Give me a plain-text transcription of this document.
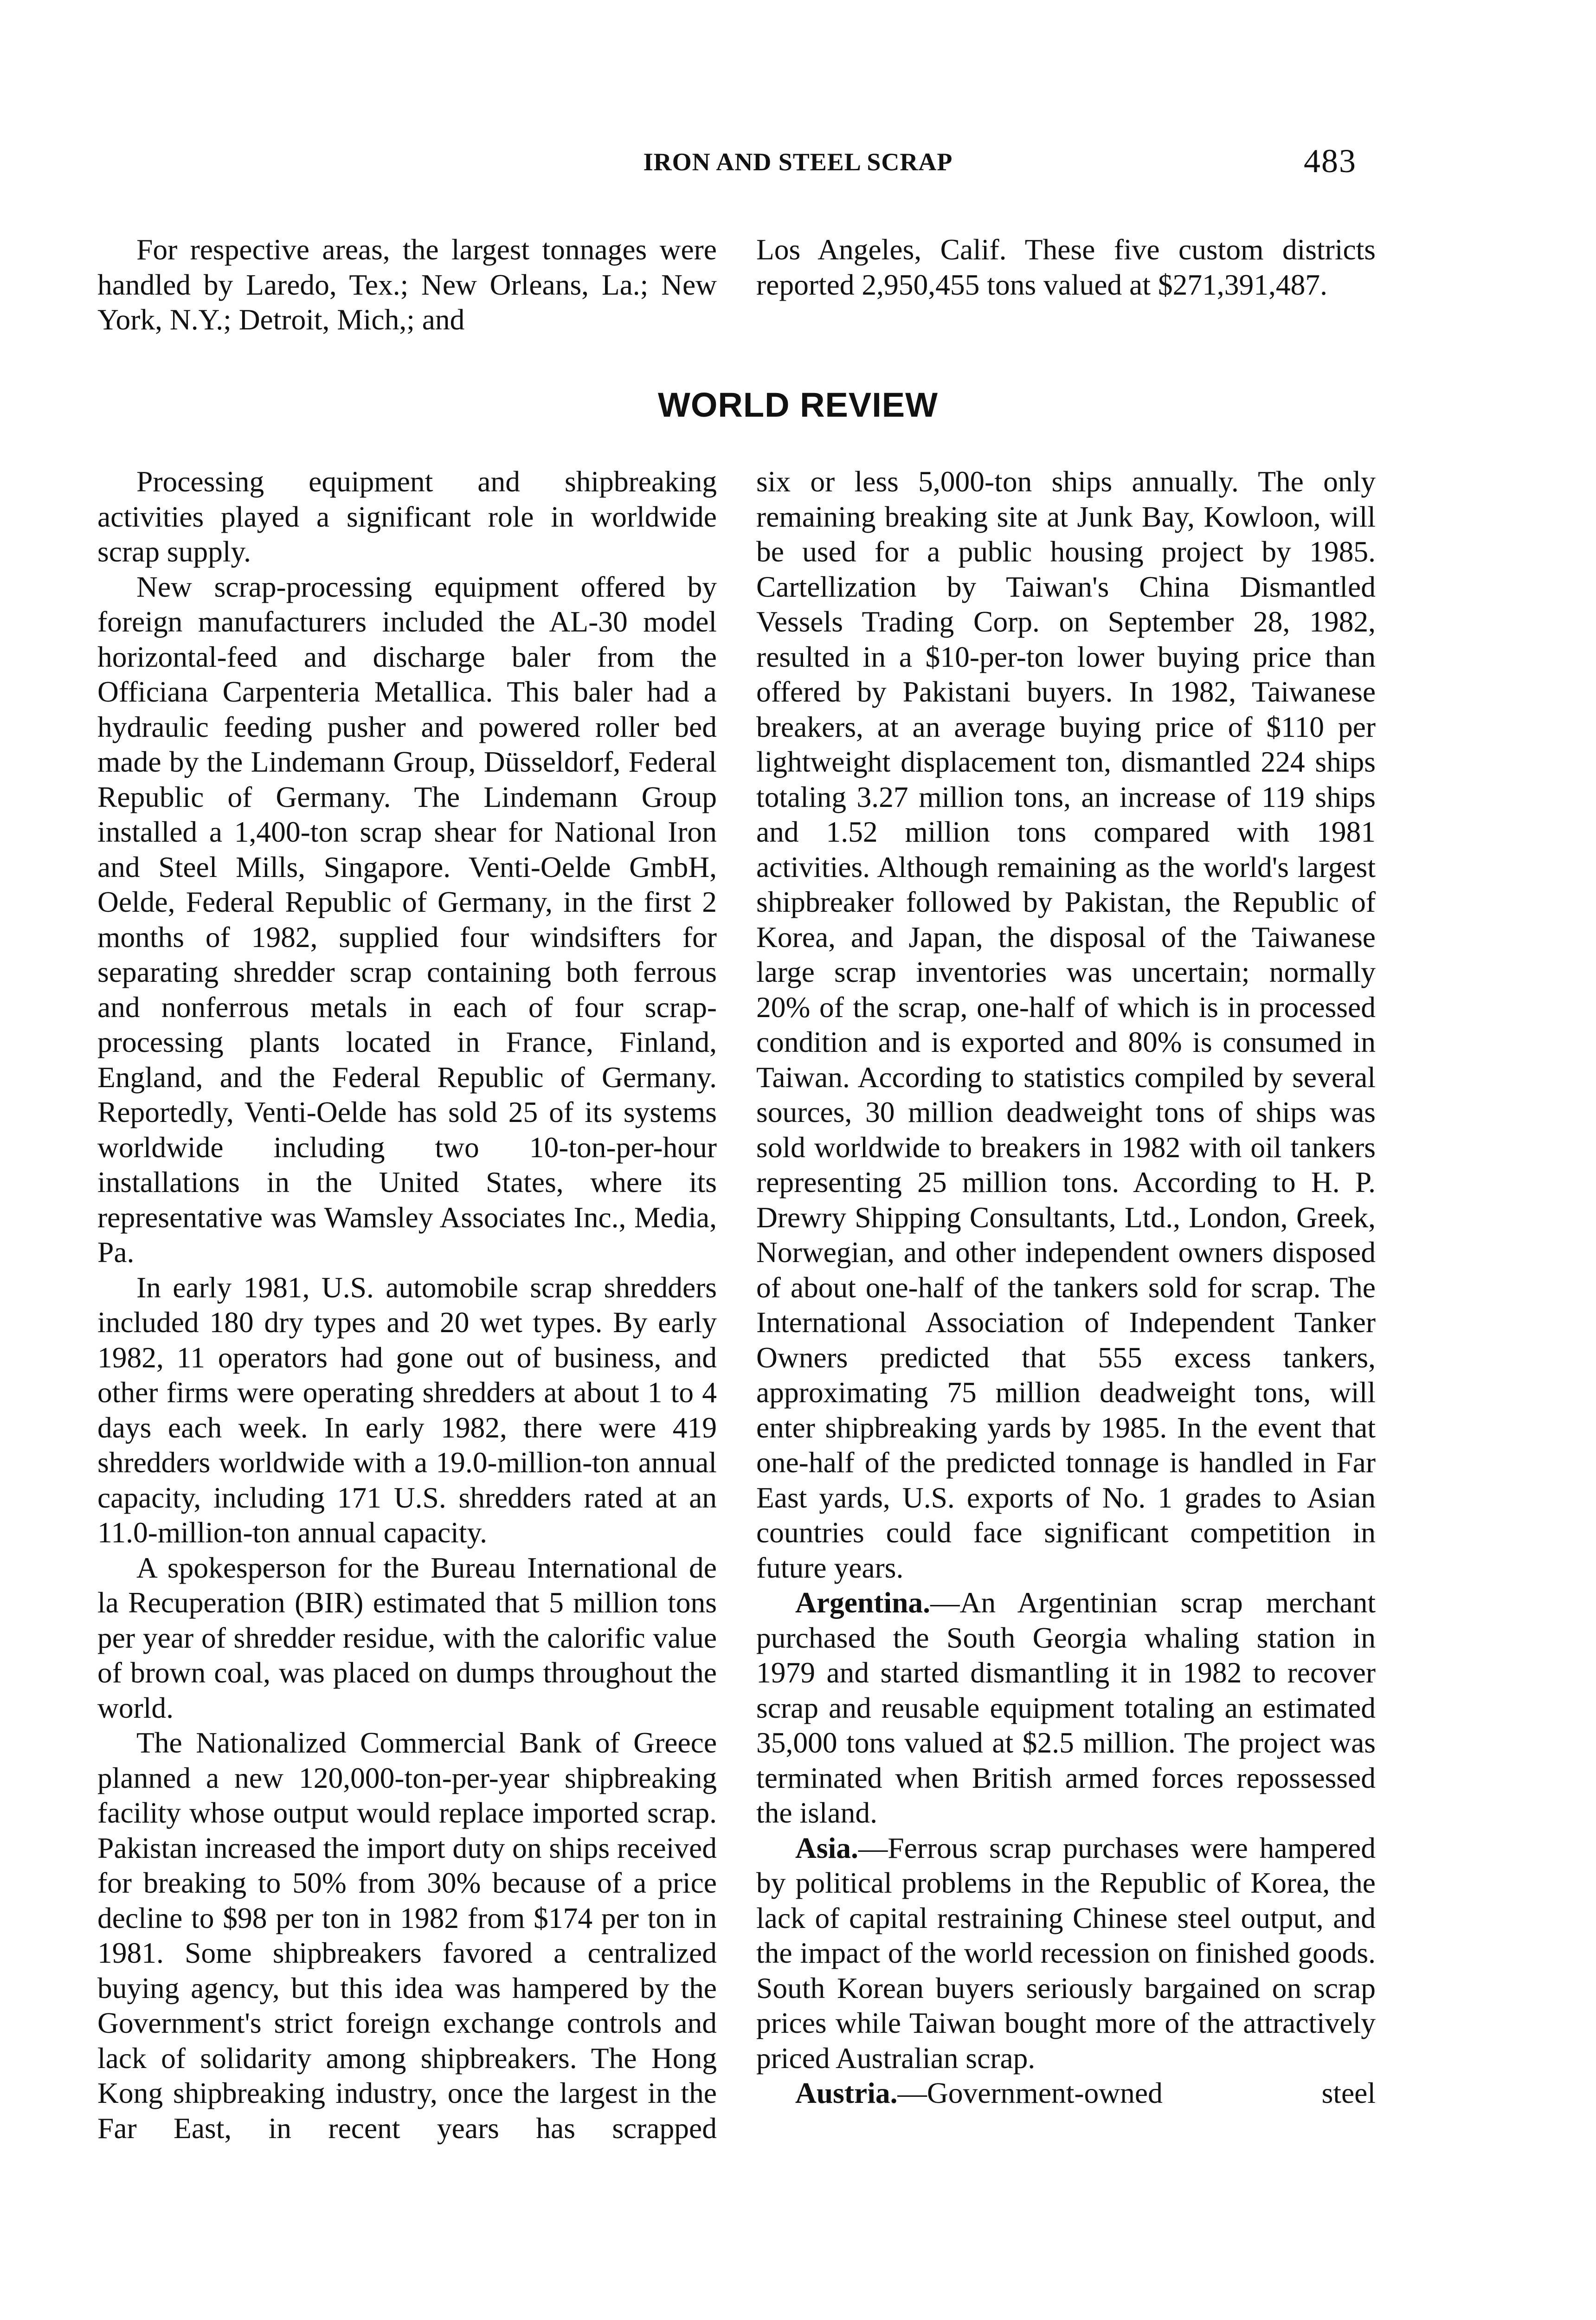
IRON AND STEEL SCRAP	483

For respective areas, the largest tonnages were handled by Laredo, Tex.; New Orleans, La.; New York, N.Y.; Detroit, Mich,; and

Los Angeles, Calif. These five custom districts reported 2,950,455 tons valued at $271,391,487.

WORLD REVIEW

Processing equipment and shipbreaking activities played a significant role in worldwide scrap supply.

New scrap-processing equipment offered by foreign manufacturers included the AL-30 model horizontal-feed and discharge baler from the Officiana Carpenteria Metallica. This baler had a hydraulic feeding pusher and powered roller bed made by the Lindemann Group, Düsseldorf, Federal Republic of Germany. The Lindemann Group installed a 1,400-ton scrap shear for National Iron and Steel Mills, Singapore. Venti-Oelde GmbH, Oelde, Federal Republic of Germany, in the first 2 months of 1982, supplied four windsifters for separating shredder scrap containing both ferrous and nonferrous metals in each of four scrap-processing plants located in France, Finland, England, and the Federal Republic of Germany. Reportedly, Venti-Oelde has sold 25 of its systems worldwide including two 10-ton-per-hour installations in the United States, where its representative was Wamsley Associates Inc., Media, Pa.

In early 1981, U.S. automobile scrap shredders included 180 dry types and 20 wet types. By early 1982, 11 operators had gone out of business, and other firms were operating shredders at about 1 to 4 days each week. In early 1982, there were 419 shredders worldwide with a 19.0-million-ton annual capacity, including 171 U.S. shredders rated at an 11.0-million-ton annual capacity.

A spokesperson for the Bureau International de la Recuperation (BIR) estimated that 5 million tons per year of shredder residue, with the calorific value of brown coal, was placed on dumps throughout the world.

The Nationalized Commercial Bank of Greece planned a new 120,000-ton-per-year shipbreaking facility whose output would replace imported scrap. Pakistan increased the import duty on ships received for breaking to 50% from 30% because of a price decline to $98 per ton in 1982 from $174 per ton in 1981. Some shipbreakers favored a centralized buying agency, but this idea was hampered by the Government's strict foreign exchange controls and lack of solidarity among shipbreakers. The Hong Kong shipbreaking industry, once the largest in the Far East, in recent years has scrapped

six or less 5,000-ton ships annually. The only remaining breaking site at Junk Bay, Kowloon, will be used for a public housing project by 1985. Cartellization by Taiwan's China Dismantled Vessels Trading Corp. on September 28, 1982, resulted in a $10-per-ton lower buying price than offered by Pakistani buyers. In 1982, Taiwanese breakers, at an average buying price of $110 per lightweight displacement ton, dismantled 224 ships totaling 3.27 million tons, an increase of 119 ships and 1.52 million tons compared with 1981 activities. Although remaining as the world's largest shipbreaker followed by Pakistan, the Republic of Korea, and Japan, the disposal of the Taiwanese large scrap inventories was uncertain; normally 20% of the scrap, one-half of which is in processed condition and is exported and 80% is consumed in Taiwan. According to statistics compiled by several sources, 30 million deadweight tons of ships was sold worldwide to breakers in 1982 with oil tankers representing 25 million tons. According to H. P. Drewry Shipping Consultants, Ltd., London, Greek, Norwegian, and other independent owners disposed of about one-half of the tankers sold for scrap. The International Association of Independent Tanker Owners predicted that 555 excess tankers, approximating 75 million deadweight tons, will enter shipbreaking yards by 1985. In the event that one-half of the predicted tonnage is handled in Far East yards, U.S. exports of No. 1 grades to Asian countries could face significant competition in future years.

Argentina.—An Argentinian scrap merchant purchased the South Georgia whaling station in 1979 and started dismantling it in 1982 to recover scrap and reusable equipment totaling an estimated 35,000 tons valued at $2.5 million. The project was terminated when British armed forces repossessed the island.

Asia.—Ferrous scrap purchases were hampered by political problems in the Republic of Korea, the lack of capital restraining Chinese steel output, and the impact of the world recession on finished goods. South Korean buyers seriously bargained on scrap prices while Taiwan bought more of the attractively priced Australian scrap.

Austria.—Government-owned steel
